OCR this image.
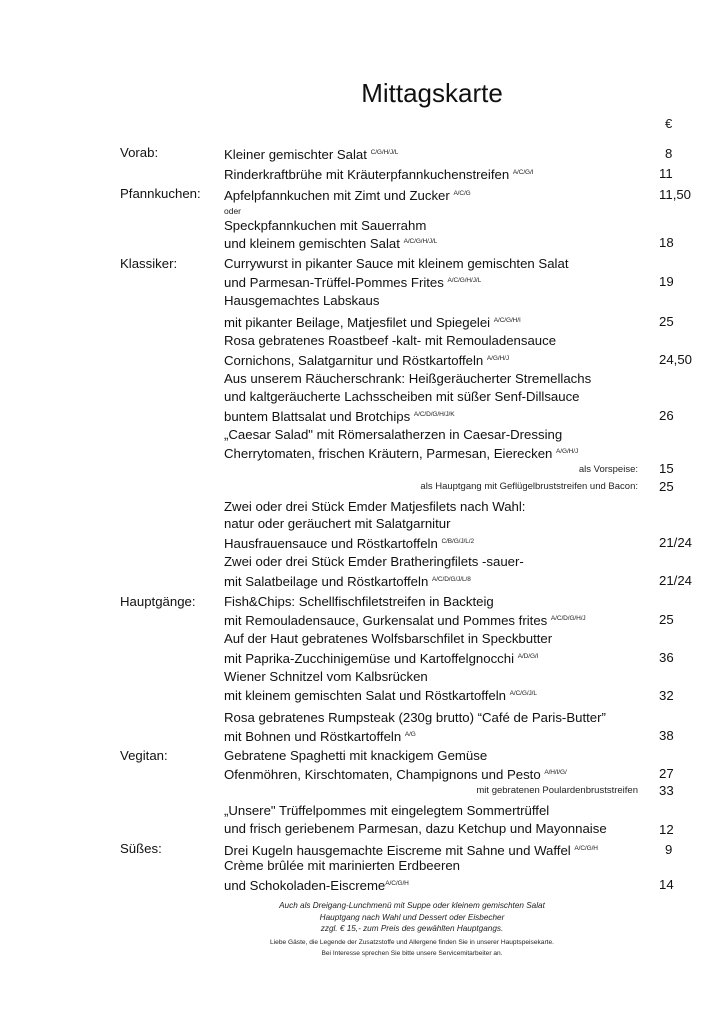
Mittagskarte
€
Vorab:	Kleiner gemischter Salat $^{C/G/H/J/L}$	8
Rinderkraftbrühe mit Kräuterpfannkuchenstreifen $^{A/C/G/I}$	11
Pfannkuchen: Apfelpfannkuchen mit Zimt und Zucker $^{A/C/G}$	11,50
oder
Speckpfannkuchen mit Sauerrahm
und kleinem gemischten Salat $^{A/C/G/H/J/L}$	18
Klassiker:	Currywurst in pikanter Sauce mit kleinem gemischten Salat
und Parmesan-Trüffel-Pommes Frites $^{A/C/G/H/J/L}$	19
Hausgemachtes Labskaus
mit pikanter Beilage, Matjesfilet und Spiegelei $^{A/C/G/H/I}$	25
Rosa gebratenes Roastbeef -kalt- mit Remouladensauce
Cornichons, Salatgarnitur und Röstkartoffeln $^{A/G/H/J}$	24,50
Aus unserem Räucherschrank: Heißgeräucherter Stremellachs
und kaltgeräucherte Lachsscheiben mit süßer Senf-Dillsauce
buntem Blattsalat und Brotchips $^{A/C/D/G/H/J/K}$	26
„Caesar Salad" mit Römersalatherzen in Caesar-Dressing
Cherrytomaten, frischen Kräutern, Parmesan, Eierecken $^{A/G/H/J}$
als Vorspeise: 15
als Hauptgang mit Geflügelbruststreifen und Bacon: 25
Zwei oder drei Stück Emder Matjesfilets nach Wahl:
natur oder geräuchert mit Salatgarnitur
Hausfrauensauce und Röstkartoffeln $^{C/B/G/J/L/2}$	21/24
Zwei oder drei Stück Emder Bratheringfilets -sauer-
mit Salatbeilage und Röstkartoffeln $^{A/C/D/G/J/L/8}$	21/24
Hauptgänge: Fish&Chips: Schellfischfiletstreifen in Backteig
mit Remouladensauce, Gurkensalat und Pommes frites $^{A/C/D/G/H/J}$	25
Auf der Haut gebratenes Wolfsbarschfilet in Speckbutter
mit Paprika-Zucchinigemüse und Kartoffelgnocchi $^{A/D/G/I}$	36
Wiener Schnitzel vom Kalbsrücken
mit kleinem gemischten Salat und Röstkartoffeln $^{A/C/G/J/L}$	32
Rosa gebratenes Rumpsteak (230g brutto) “Café de Paris-Butter”
mit Bohnen und Röstkartoffeln $^{A/G}$	38
Vegitan:	Gebratene Spaghetti mit knackigem Gemüse
Ofenmöhren, Kirschtomaten, Champignons und Pesto $^{A/H/I/G/}$	27
mit gebratenen Poulardenbruststreifen 33
„Unsere" Trüffelpommes mit eingelegtem Sommertrüffel
und frisch geriebenem Parmesan, dazu Ketchup und Mayonnaise	12
Süßes:	Drei Kugeln hausgemachte Eiscreme mit Sahne und Waffel $^{A/C/G/H}$	9
Crème brûlée mit marinierten Erdbeeren
und Schokoladen-Eiscreme$^{A/C/G/H}$	14
Auch als Dreigang-Lunchmenü mit Suppe oder kleinem gemischten Salat
Hauptgang nach Wahl und Dessert oder Eisbecher
zzgl. € 15,- zum Preis des gewählten Hauptgangs.
Liebe Gäste, die Legende der Zusatzstoffe und Allergene finden Sie in unserer Hauptspeisekarte.
Bei Interesse sprechen Sie bitte unsere Servicemitarbeiter an.
